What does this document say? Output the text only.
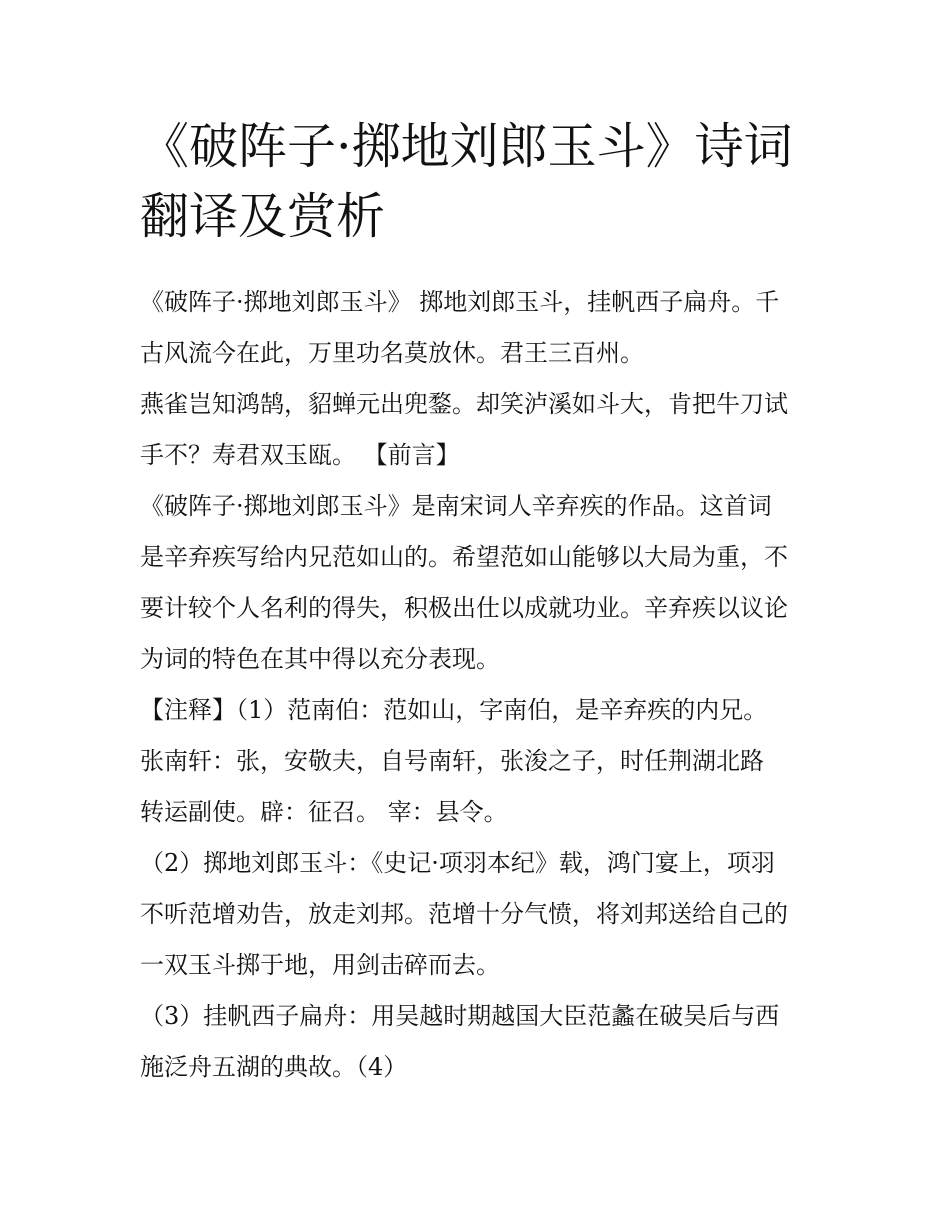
《破阵子·掷地刘郎玉斗》诗词
翻译及赏析
《破阵子·掷地刘郎玉斗》 掷地刘郎玉斗，挂帆西子扁舟。千
古风流今在此，万里功名莫放休。君王三百州。
燕雀岂知鸿鹄，貂蝉元出兜鍪。却笑泸溪如斗大，肯把牛刀试
手不？寿君双玉瓯。 【前言】
《破阵子·掷地刘郎玉斗》是南宋词人辛弃疾的作品。这首词
是辛弃疾写给内兄范如山的。希望范如山能够以大局为重，不
要计较个人名利的得失，积极出仕以成就功业。辛弃疾以议论
为词的特色在其中得以充分表现。
【注释】（1）范南伯：范如山，字南伯，是辛弃疾的内兄。
张南轩：张，安敬夫，自号南轩，张浚之子，时任荆湖北路
转运副使。辟：征召。 宰：县令。
（2）掷地刘郎玉斗：《史记·项羽本纪》载，鸿门宴上，项羽
不听范增劝告，放走刘邦。范增十分气愤，将刘邦送给自己的
一双玉斗掷于地，用剑击碎而去。
（3）挂帆西子扁舟：用吴越时期越国大臣范蠡在破吴后与西
施泛舟五湖的典故。（4）
